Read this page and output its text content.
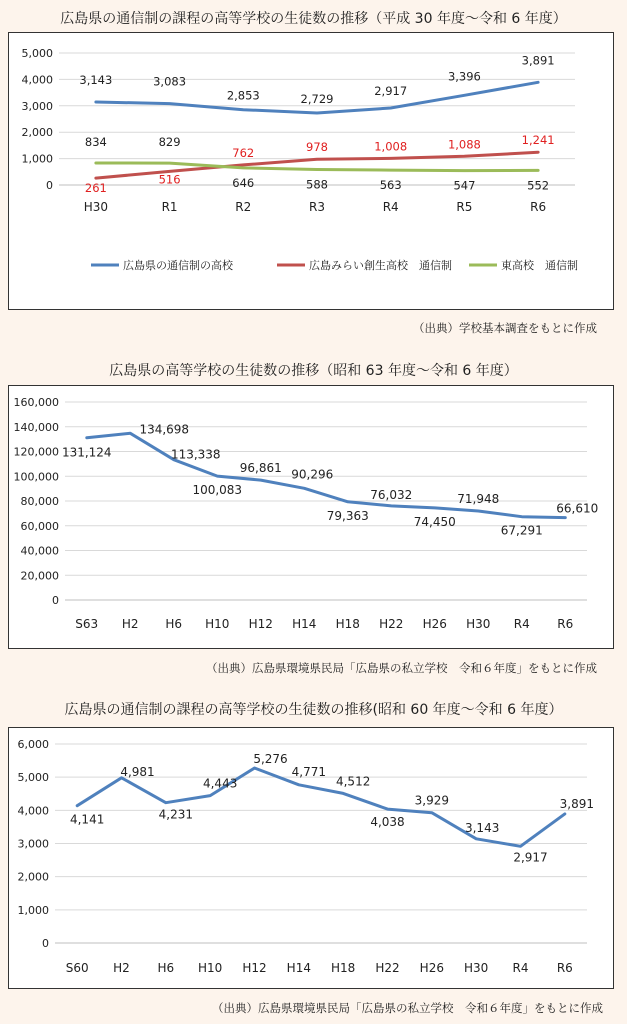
広島県の通信制の課程の高等学校の生徒数の推移（平成 30 年度～令和 6 年度）
0
1,000
2,000
3,000
4,000
5,000
H30	R1	R2	R3	R4	R5	R6
3,143	3,083
2,853	2,729
2,917
3,396
3,891
261
516
762	978	1,008	1,088	1,241
834	829
646	588	563	547	552
広島県の通信制の高校	広島みらい創生高校　通信制	東高校　通信制
（出典）学校基本調査をもとに作成
広島県の高等学校の生徒数の推移（昭和 63 年度～令和 6 年度）
0
20,000
40,000
60,000
80,000
100,000
120,000
140,000
160,000
S63 H2 H6 H10 H12 H14 H18 H22 H26 H30 R4 R6
131,124
134,698
113,338
100,083
96,861 90,296
79,363
76,032
74,450
71,948
67,291
66,610
（出典）広島県環境県民局「広島県の私立学校　令和６年度」をもとに作成
広島県の通信制の課程の高等学校の生徒数の推移(昭和 60 年度～令和 6 年度）
0
1,000
2,000
3,000
4,000
5,000
6,000
S60 H2 H6 H10 H12 H14 H18 H22 H26 H30 R4 R6
4,141
4,981
4,231
4,443
5,276
4,771
4,512
4,038
3,929
3,143
2,917
3,891
（出典）広島県環境県民局「広島県の私立学校　令和６年度」をもとに作成
